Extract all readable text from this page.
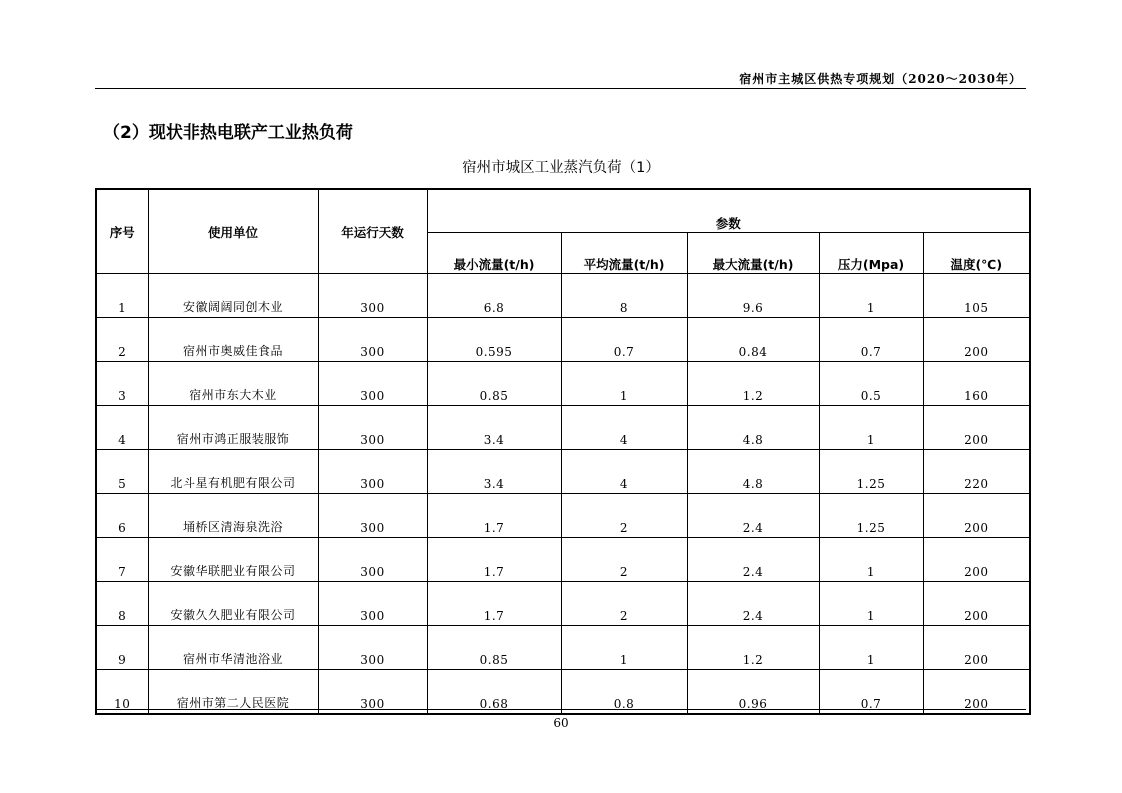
宿州市主城区供热专项规划（2020～2030年）
（2）现状非热电联产工业热负荷
宿州市城区工业蒸汽负荷（1）
序号	使用单位	年运行天数	参数				
			最小流量(t/h)	平均流量(t/h)	最大流量(t/h)	压力(Mpa)	温度(℃)
1	安徽阔阔同创木业	300	6.8	8	9.6	1	105
2	宿州市奥威佳食品	300	0.595	0.7	0.84	0.7	200
3	宿州市东大木业	300	0.85	1	1.2	0.5	160
4	宿州市鸿正服装服饰	300	3.4	4	4.8	1	200
5	北斗星有机肥有限公司	300	3.4	4	4.8	1.25	220
6	埇桥区清海泉洗浴	300	1.7	2	2.4	1.25	200
7	安徽华联肥业有限公司	300	1.7	2	2.4	1	200
8	安徽久久肥业有限公司	300	1.7	2	2.4	1	200
9	宿州市华清池浴业	300	0.85	1	1.2	1	200
10	宿州市第二人民医院	300	0.68	0.8	0.96	0.7	200
60
